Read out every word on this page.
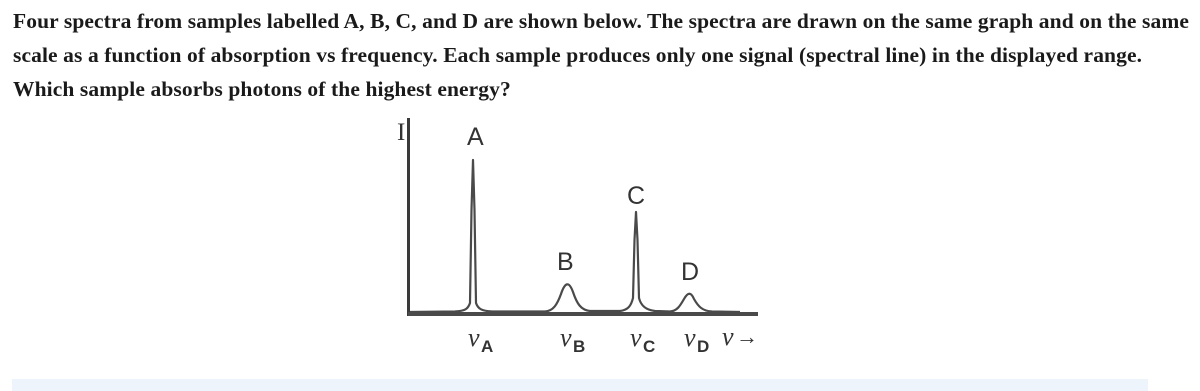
Four spectra from samples labelled A, B, C, and D are shown below. The spectra are drawn on the same graph and on the same scale as a function of absorption vs frequency. Each sample produces only one signal (spectral line) in the displayed range. Which sample absorbs photons of the highest energy?

I A
B
C
D
ν A	ν B ν C ν D ν →
